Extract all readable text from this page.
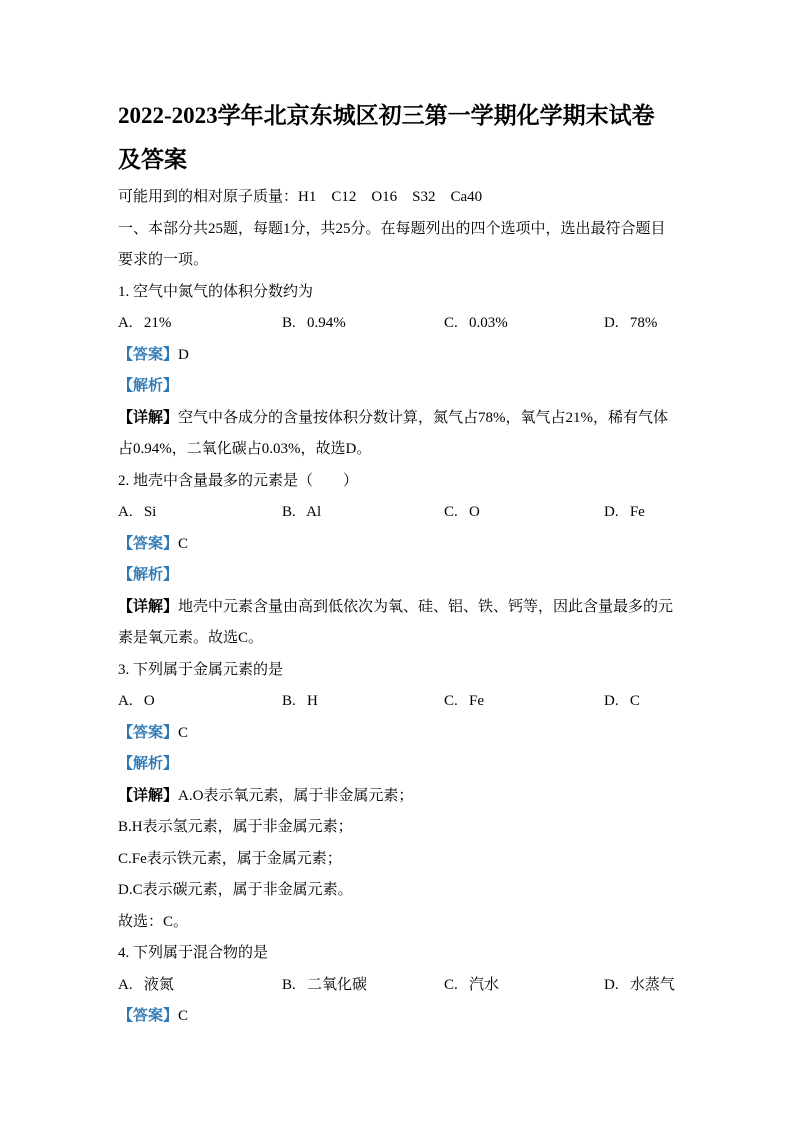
2022-2023学年北京东城区初三第一学期化学期末试卷及答案

可能用到的相对原子质量：H1    C12    O16    S32    Ca40

一、本部分共25题，每题1分，共25分。在每题列出的四个选项中，选出最符合题目要求的一项。

1. 空气中氮气的体积分数约为

A.   21%	B.   0.94%	C.   0.03%	D.   78%

【答案】D

【解析】

【详解】空气中各成分的含量按体积分数计算，氮气占78%，氧气占21%，稀有气体占0.94%，二氧化碳占0.03%，故选D。

2. 地壳中含量最多的元素是（　　）

A.   Si	B.   Al	C.   O	D.   Fe

【答案】C

【解析】

【详解】地壳中元素含量由高到低依次为氧、硅、铝、铁、钙等，因此含量最多的元素是氧元素。故选C。

3. 下列属于金属元素的是

A.   O	B.   H	C.   Fe	D.   C

【答案】C

【解析】

【详解】A.O表示氧元素，属于非金属元素；

B.H表示氢元素，属于非金属元素；

C.Fe表示铁元素，属于金属元素；

D.C表示碳元素，属于非金属元素。

故选：C。

4. 下列属于混合物的是

A.   液氮	B.   二氧化碳	C.   汽水	D.   水蒸气

【答案】C
